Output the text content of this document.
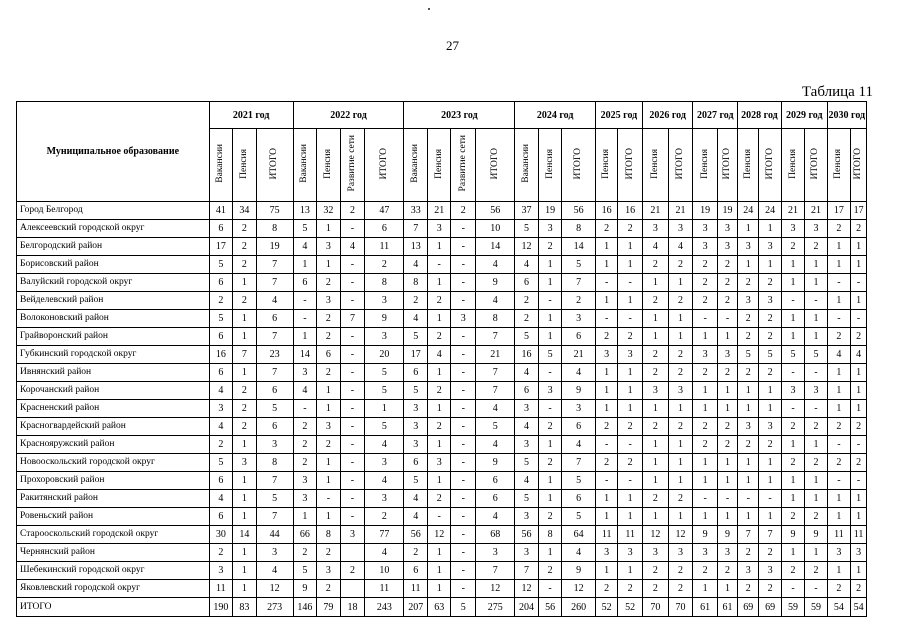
27
Таблица 11
Муниципальное образование	2021 год			2022 год				2023 год				2024 год			2025 год		2026 год		2027 год		2028 год		2029 год		2030 год	
	Вакансии	Пенсия	ИТОГО	Вакансии	Пенсия	Развитие сети	ИТОГО	Вакансии	Пенсия	Развитие сети	ИТОГО	Вакансии	Пенсия	ИТОГО	Пенсия	ИТОГО	Пенсия	ИТОГО	Пенсия	ИТОГО	Пенсия	ИТОГО	Пенсия	ИТОГО	Пенсия	ИТОГО
Город Белгород	41	34	75	13	32	2	47	33	21	2	56	37	19	56	16	16	21	21	19	19	24	24	21	21	17	17
Алексеевский городской округ	6	2	8	5	1	-	6	7	3	-	10	5	3	8	2	2	3	3	3	3	1	1	3	3	2	2
Белгородский район	17	2	19	4	3	4	11	13	1	-	14	12	2	14	1	1	4	4	3	3	3	3	2	2	1	1
Борисовский район	5	2	7	1	1	-	2	4	-	-	4	4	1	5	1	1	2	2	2	2	1	1	1	1	1	1
Валуйский городской округ	6	1	7	6	2	-	8	8	1	-	9	6	1	7	-	-	1	1	2	2	2	2	1	1	-	-
Вейделевский район	2	2	4	-	3	-	3	2	2	-	4	2	-	2	1	1	2	2	2	2	3	3	-	-	1	1
Волоконовский район	5	1	6	-	2	7	9	4	1	3	8	2	1	3	-	-	1	1	-	-	2	2	1	1	-	-
Грайворонский район	6	1	7	1	2	-	3	5	2	-	7	5	1	6	2	2	1	1	1	1	2	2	1	1	2	2
Губкинский городской округ	16	7	23	14	6	-	20	17	4	-	21	16	5	21	3	3	2	2	3	3	5	5	5	5	4	4
Ивнянский район	6	1	7	3	2	-	5	6	1	-	7	4	-	4	1	1	2	2	2	2	2	2	-	-	1	1
Корочанский район	4	2	6	4	1	-	5	5	2	-	7	6	3	9	1	1	3	3	1	1	1	1	3	3	1	1
Красненский район	3	2	5	-	1	-	1	3	1	-	4	3	-	3	1	1	1	1	1	1	1	1	-	-	1	1
Красногвардейский район	4	2	6	2	3	-	5	3	2	-	5	4	2	6	2	2	2	2	2	2	3	3	2	2	2	2
Краснояружский район	2	1	3	2	2	-	4	3	1	-	4	3	1	4	-	-	1	1	2	2	2	2	1	1	-	-
Новооскольский городской округ	5	3	8	2	1	-	3	6	3	-	9	5	2	7	2	2	1	1	1	1	1	1	2	2	2	2
Прохоровский район	6	1	7	3	1	-	4	5	1	-	6	4	1	5	-	-	1	1	1	1	1	1	1	1	-	-
Ракитянский район	4	1	5	3	-	-	3	4	2	-	6	5	1	6	1	1	2	2	-	-	-	-	1	1	1	1
Ровеньский район	6	1	7	1	1	-	2	4	-	-	4	3	2	5	1	1	1	1	1	1	1	1	2	2	1	1
Старооскольский городской округ	30	14	44	66	8	3	77	56	12	-	68	56	8	64	11	11	12	12	9	9	7	7	9	9	11	11
Чернянский район	2	1	3	2	2		4	2	1	-	3	3	1	4	3	3	3	3	3	3	2	2	1	1	3	3
Шебекинский городской округ	3	1	4	5	3	2	10	6	1	-	7	7	2	9	1	1	2	2	2	2	3	3	2	2	1	1
Яковлевский городской округ	11	1	12	9	2		11	11	1	-	12	12	-	12	2	2	2	2	1	1	2	2	-	-	2	2
ИТОГО	190	83	273	146	79	18	243	207	63	5	275	204	56	260	52	52	70	70	61	61	69	69	59	59	54	54
